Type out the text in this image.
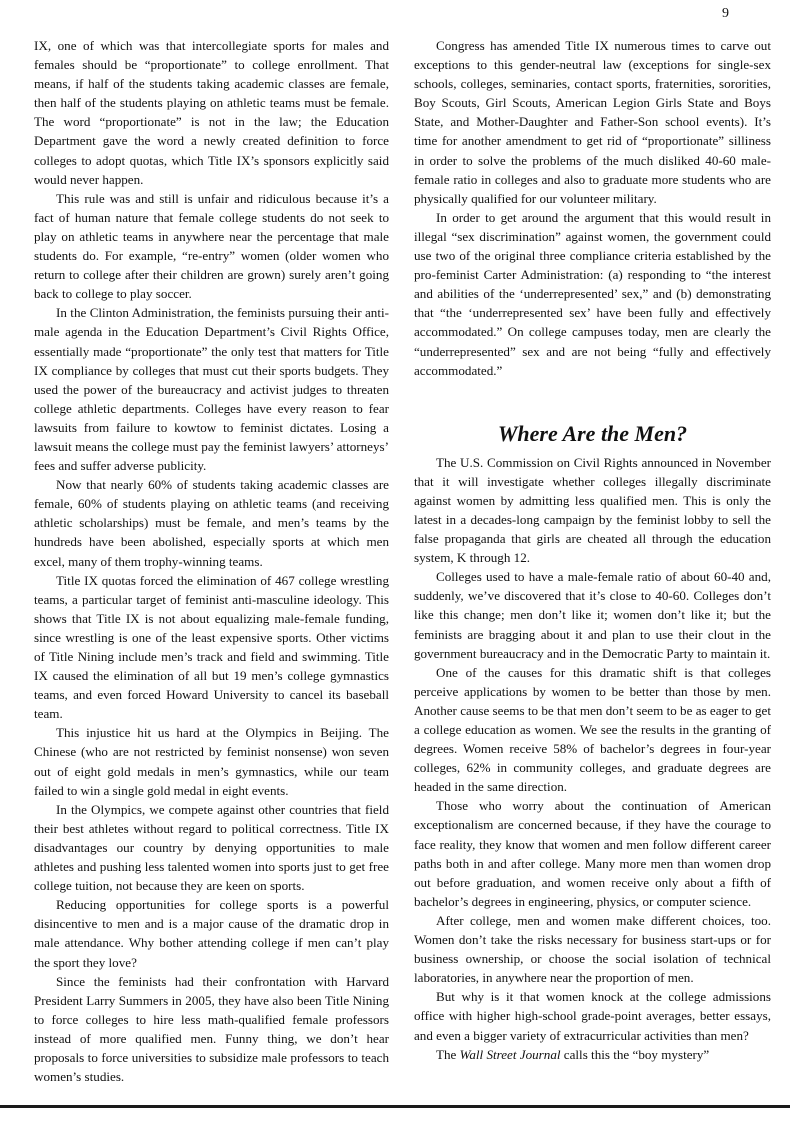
9

IX, one of which was that intercollegiate sports for males and females should be “proportionate” to college enrollment. That means, if half of the students taking academic classes are female, then half of the students playing on athletic teams must be female. The word “proportionate” is not in the law; the Education Department gave the word a newly created definition to force colleges to adopt quotas, which Title IX’s sponsors explicitly said would never happen.

This rule was and still is unfair and ridiculous because it’s a fact of human nature that female college students do not seek to play on athletic teams in anywhere near the percentage that male students do. For example, “re-entry” women (older women who return to college after their children are grown) surely aren’t going back to college to play soccer.

In the Clinton Administration, the feminists pursuing their anti-male agenda in the Education Department’s Civil Rights Office, essentially made “proportionate” the only test that matters for Title IX compliance by colleges that must cut their sports budgets. They used the power of the bureaucracy and activist judges to threaten college athletic departments. Colleges have every reason to fear lawsuits from failure to kowtow to feminist dictates. Losing a lawsuit means the college must pay the feminist lawyers’ attorneys’ fees and suffer adverse publicity.

Now that nearly 60% of students taking academic classes are female, 60% of students playing on athletic teams (and receiving athletic scholarships) must be female, and men’s teams by the hundreds have been abolished, especially sports at which men excel, many of them trophy-winning teams.

Title IX quotas forced the elimination of 467 college wrestling teams, a particular target of feminist anti-masculine ideology. This shows that Title IX is not about equalizing male-female funding, since wrestling is one of the least expensive sports. Other victims of Title Nining include men’s track and field and swimming. Title IX caused the elimination of all but 19 men’s college gymnastics teams, and even forced Howard University to cancel its baseball team.

This injustice hit us hard at the Olympics in Beijing. The Chinese (who are not restricted by feminist nonsense) won seven out of eight gold medals in men’s gymnastics, while our team failed to win a single gold medal in eight events.

In the Olympics, we compete against other countries that field their best athletes without regard to political correctness. Title IX disadvantages our country by denying opportunities to male athletes and pushing less talented women into sports just to get free college tuition, not because they are keen on sports.

Reducing opportunities for college sports is a powerful disincentive to men and is a major cause of the dramatic drop in male attendance. Why bother attending college if men can’t play the sport they love?

Since the feminists had their confrontation with Harvard President Larry Summers in 2005, they have also been Title Nining to force colleges to hire less math-qualified female professors instead of more qualified men. Funny thing, we don’t hear proposals to force universities to subsidize male professors to teach women’s studies.

Congress has amended Title IX numerous times to carve out exceptions to this gender-neutral law (exceptions for single-sex schools, colleges, seminaries, contact sports, fraternities, sororities, Boy Scouts, Girl Scouts, American Legion Girls State and Boys State, and Mother-Daughter and Father-Son school events). It’s time for another amendment to get rid of “proportionate” silliness in order to solve the problems of the much disliked 40-60 male-female ratio in colleges and also to graduate more students who are physically qualified for our volunteer military.

In order to get around the argument that this would result in illegal “sex discrimination” against women, the government could use two of the original three compliance criteria established by the pro-feminist Carter Administration: (a) responding to “the interest and abilities of the ‘underrepresented’ sex,” and (b) demonstrating that “the ‘underrepresented sex’ have been fully and effectively accommodated.” On college campuses today, men are clearly the “underrepresented” sex and are not being “fully and effectively accommodated.”

Where Are the Men?

The U.S. Commission on Civil Rights announced in November that it will investigate whether colleges illegally discriminate against women by admitting less qualified men. This is only the latest in a decades-long campaign by the feminist lobby to sell the false propaganda that girls are cheated all through the education system, K through 12.

Colleges used to have a male-female ratio of about 60-40 and, suddenly, we’ve discovered that it’s close to 40-60. Colleges don’t like this change; men don’t like it; women don’t like it; but the feminists are bragging about it and plan to use their clout in the government bureaucracy and in the Democratic Party to maintain it.

One of the causes for this dramatic shift is that colleges perceive applications by women to be better than those by men. Another cause seems to be that men don’t seem to be as eager to get a college education as women. We see the results in the granting of degrees. Women receive 58% of bachelor’s degrees in four-year colleges, 62% in community colleges, and graduate degrees are headed in the same direction.

Those who worry about the continuation of American exceptionalism are concerned because, if they have the courage to face reality, they know that women and men follow different career paths both in and after college. Many more men than women drop out before graduation, and women receive only about a fifth of bachelor’s degrees in engineering, physics, or computer science.

After college, men and women make different choices, too. Women don’t take the risks necessary for business start-ups or for business ownership, or choose the social isolation of technical laboratories, in anywhere near the proportion of men.

But why is it that women knock at the college admissions office with higher high-school grade-point averages, better essays, and even a bigger variety of extracurricular activities than men?

The Wall Street Journal calls this the “boy mystery”
